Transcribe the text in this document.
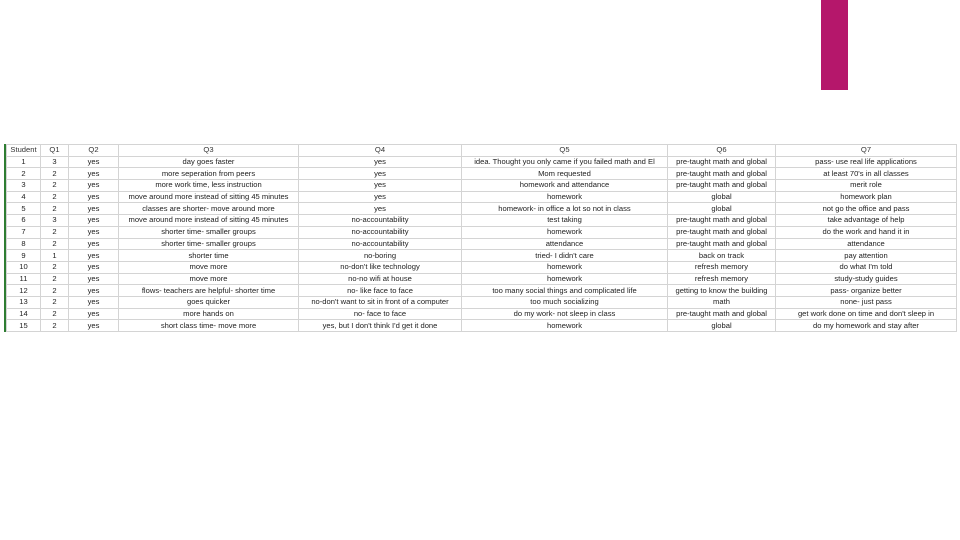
Student	Q1	Q2	Q3	Q4	Q5	Q6	Q7
1	3	yes	day goes faster	yes	idea. Thought you only came if you failed math and El	pre-taught math and global	pass- use real life applications
2	2	yes	more seperation from peers	yes	Mom requested	pre-taught math and global	at least 70's in all classes
3	2	yes	more work time, less instruction	yes	homework and attendance	pre-taught math and global	merit role
4	2	yes	move around more instead of sitting 45 minutes	yes	homework	global	homework plan
5	2	yes	classes are shorter- move around more	yes	homework- in office a lot so not in class	global	not go the office and pass
6	3	yes	move around more instead of sitting 45 minutes	no-accountability	test taking	pre-taught math and global	take advantage of help
7	2	yes	shorter time- smaller groups	no-accountability	homework	pre-taught math and global	do the work and hand it in
8	2	yes	shorter time- smaller groups	no-accountability	attendance	pre-taught math and global	attendance
9	1	yes	shorter time	no-boring	tried- I didn't care	back on track	pay attention
10	2	yes	move more	no-don't like technology	homework	refresh memory	do what I'm told
11	2	yes	move more	no-no wifi at house	homework	refresh memory	study-study guides
12	2	yes	flows- teachers are helpful- shorter time	no- like face to face	too many social things and complicated life	getting to know the building	pass- organize better
13	2	yes	goes quicker	no-don't want to sit in front of a computer	too much socializing	math	none- just pass
14	2	yes	more hands on	no- face to face	do my work- not sleep in class	pre-taught math and global	get work done on time and don't sleep in
15	2	yes	short class time- move more	yes, but I don't think I'd get it done	homework	global	do my homework and stay after
